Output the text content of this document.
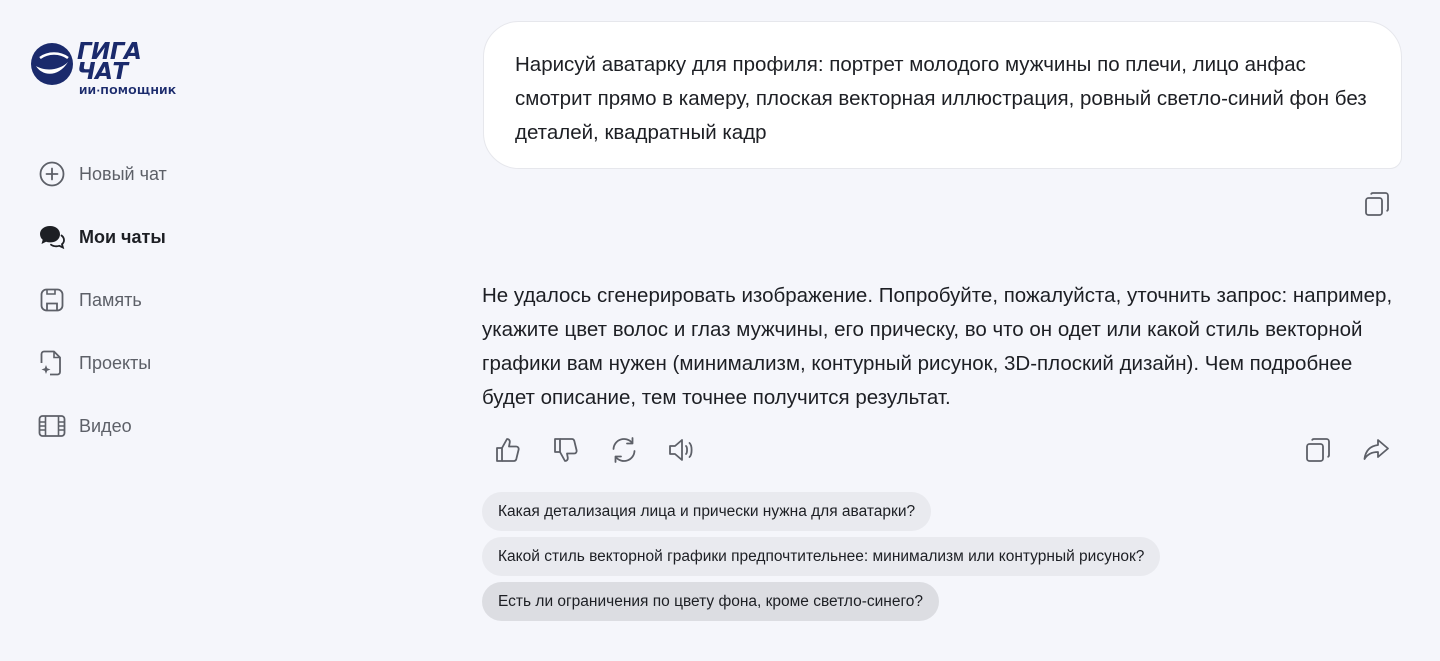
ГИГА
ЧАТ
ИИ·ПОМОЩНИК
Новый чат
Мои чаты
Память
Проекты
Видео
Нарисуй аватарку для профиля: портрет молодого мужчины по плечи, лицо анфас смотрит прямо в камеру, плоская векторная иллюстрация, ровный светло-синий фон без деталей, квадратный кадр
Не удалось сгенерировать изображение. Попробуйте, пожалуйста, уточнить запрос: например, укажите цвет волос и глаз мужчины, его прическу, во что он одет или какой стиль векторной графики вам нужен (минимализм, контурный рисунок, 3D-плоский дизайн). Чем подробнее будет описание, тем точнее получится результат.
Какая детализация лица и прически нужна для аватарки?
Какой стиль векторной графики предпочтительнее: минимализм или контурный рисунок?
Есть ли ограничения по цвету фона, кроме светло-синего?
